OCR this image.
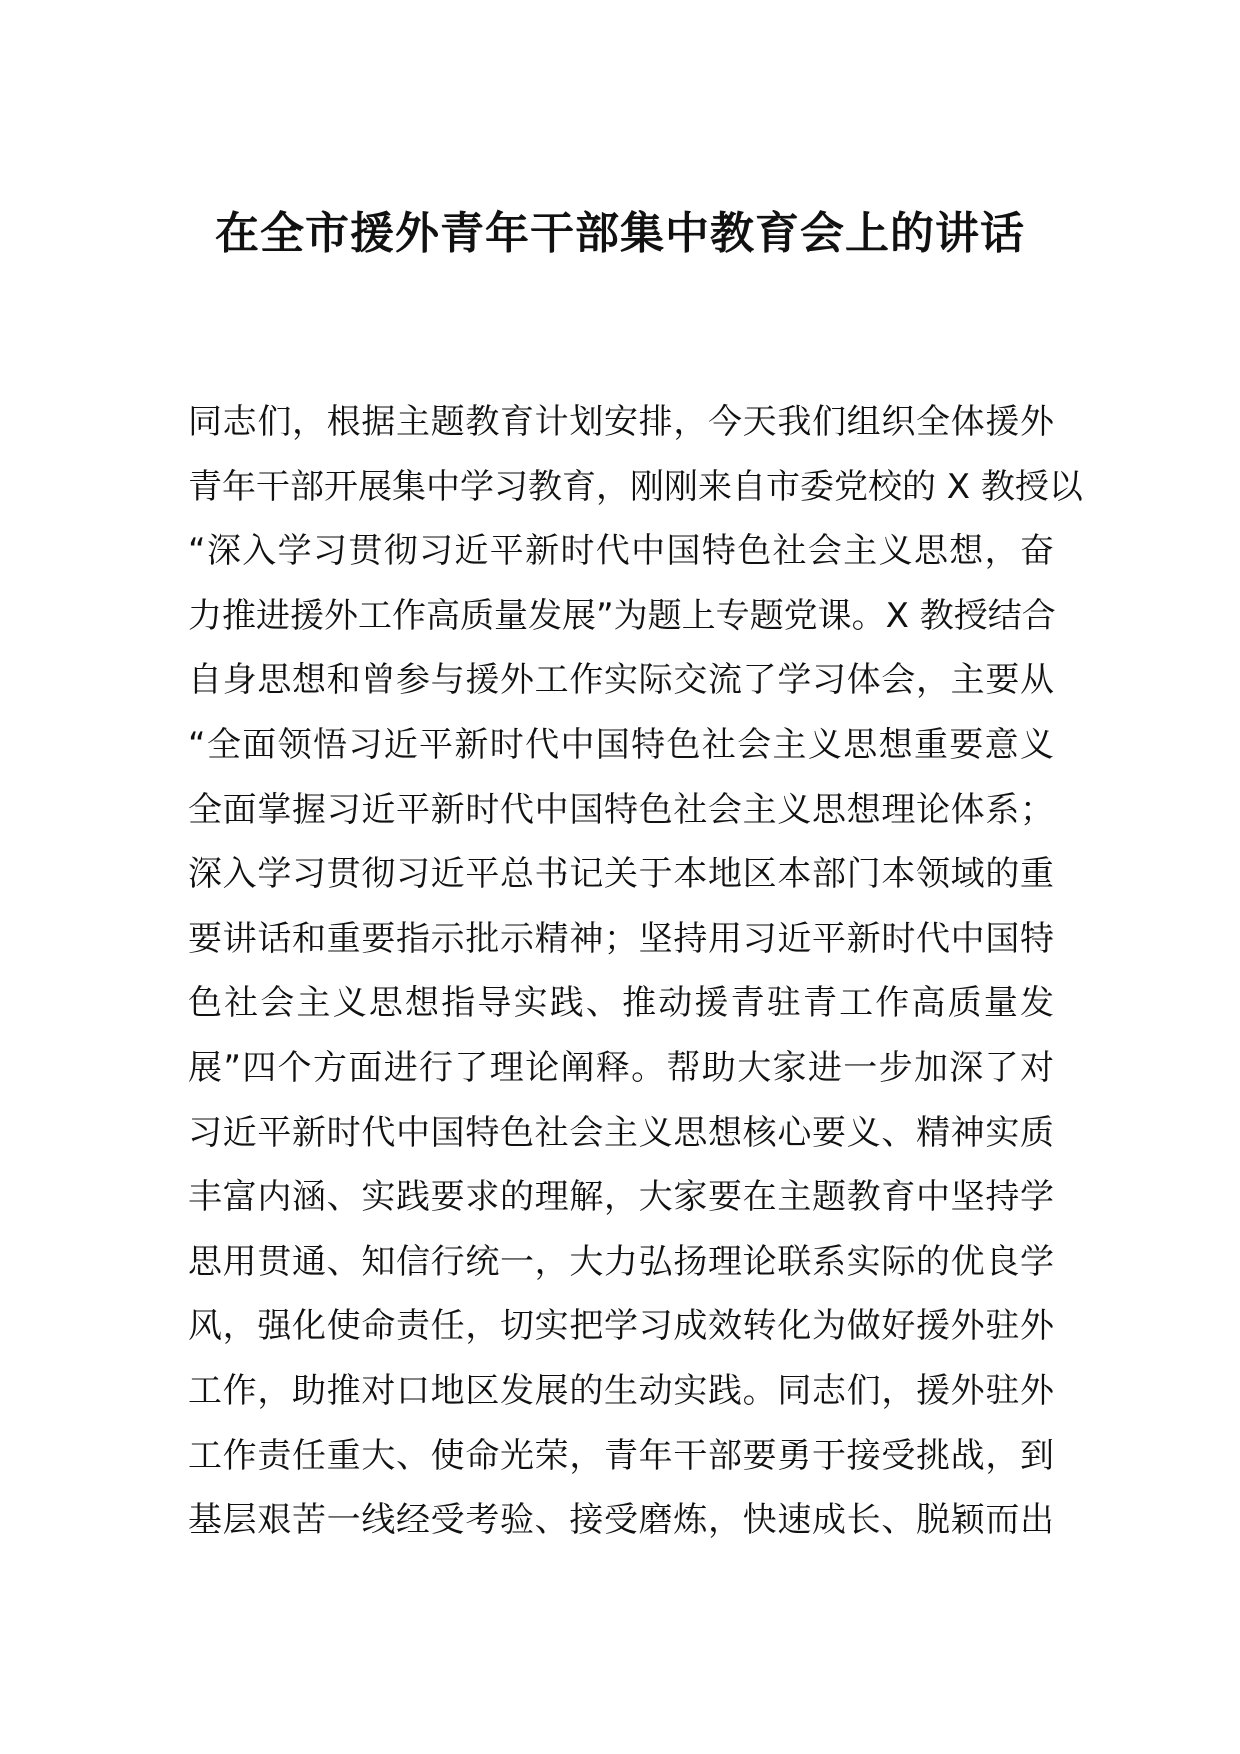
在全市援外青年干部集中教育会上的讲话

同志们，根据主题教育计划安排，今天我们组织全体援外

青年干部开展集中学习教育，刚刚来自市委党校的 X 教授以

“深入学习贯彻习近平新时代中国特色社会主义思想，奋

力推进援外工作高质量发展”为题上专题党课。X 教授结合

自身思想和曾参与援外工作实际交流了学习体会，主要从

“全面领悟习近平新时代中国特色社会主义思想重要意义

全面掌握习近平新时代中国特色社会主义思想理论体系；

深入学习贯彻习近平总书记关于本地区本部门本领域的重

要讲话和重要指示批示精神；坚持用习近平新时代中国特

色社会主义思想指导实践、推动援青驻青工作高质量发

展”四个方面进行了理论阐释。帮助大家进一步加深了对

习近平新时代中国特色社会主义思想核心要义、精神实质

丰富内涵、实践要求的理解，大家要在主题教育中坚持学

思用贯通、知信行统一，大力弘扬理论联系实际的优良学

风，强化使命责任，切实把学习成效转化为做好援外驻外

工作，助推对口地区发展的生动实践。同志们，援外驻外

工作责任重大、使命光荣，青年干部要勇于接受挑战，到

基层艰苦一线经受考验、接受磨炼，快速成长、脱颖而出
